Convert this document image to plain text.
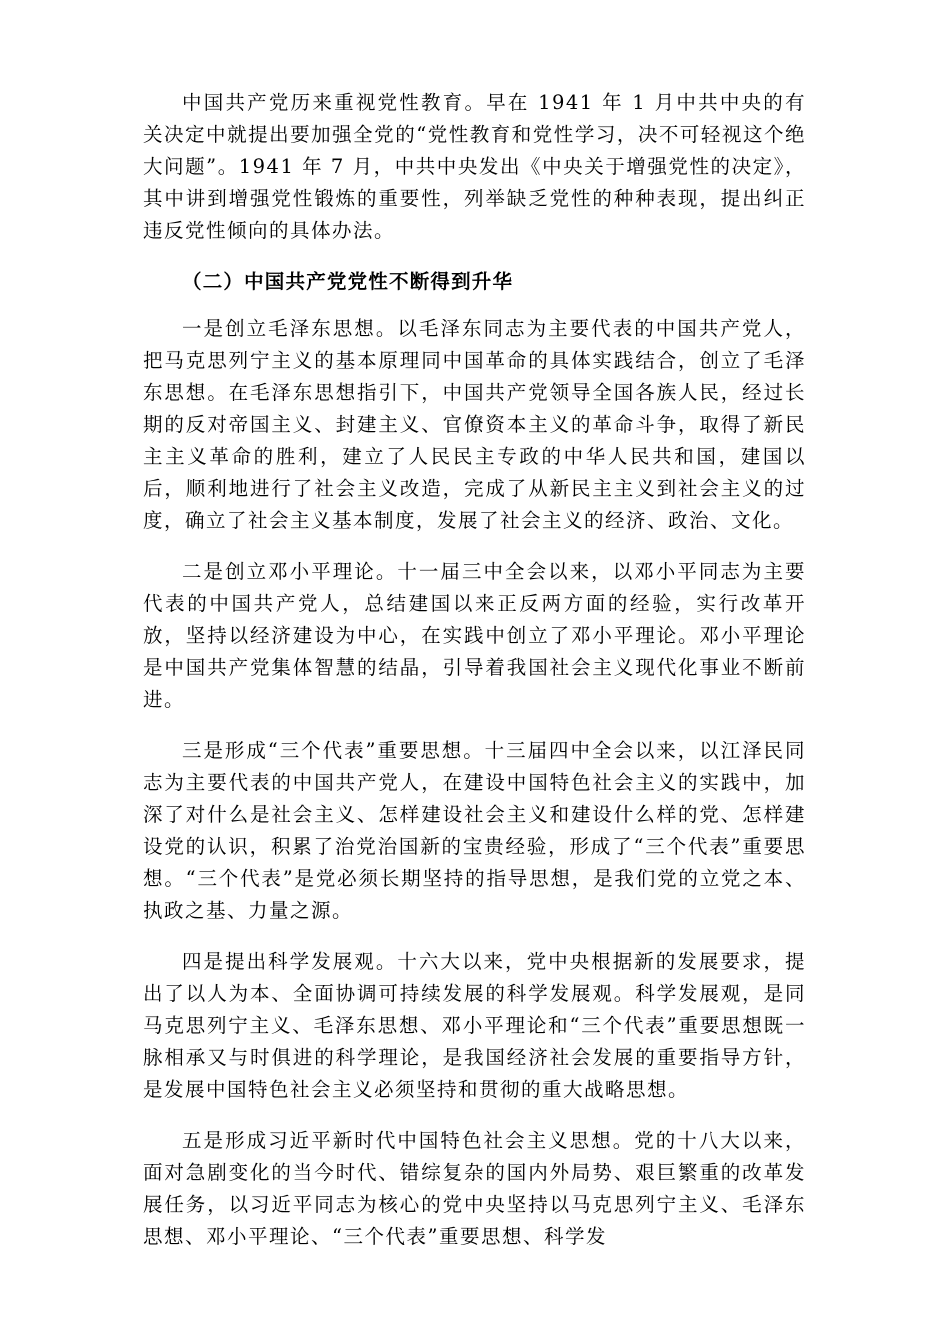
中国共产党历来重视党性教育。早在 1941 年 1 月中共中央的有关决定中就提出要加强全党的“党性教育和党性学习，决不可轻视这个绝大问题”。1941 年 7 月，中共中央发出《中央关于增强党性的决定》，其中讲到增强党性锻炼的重要性，列举缺乏党性的种种表现，提出纠正违反党性倾向的具体办法。

（二）中国共产党党性不断得到升华

一是创立毛泽东思想。以毛泽东同志为主要代表的中国共产党人，把马克思列宁主义的基本原理同中国革命的具体实践结合，创立了毛泽东思想。在毛泽东思想指引下，中国共产党领导全国各族人民，经过长期的反对帝国主义、封建主义、官僚资本主义的革命斗争，取得了新民主主义革命的胜利，建立了人民民主专政的中华人民共和国，建国以后，顺利地进行了社会主义改造，完成了从新民主主义到社会主义的过度，确立了社会主义基本制度，发展了社会主义的经济、政治、文化。

二是创立邓小平理论。十一届三中全会以来，以邓小平同志为主要代表的中国共产党人，总结建国以来正反两方面的经验，实行改革开放，坚持以经济建设为中心，在实践中创立了邓小平理论。邓小平理论是中国共产党集体智慧的结晶，引导着我国社会主义现代化事业不断前进。

三是形成“三个代表”重要思想。十三届四中全会以来，以江泽民同志为主要代表的中国共产党人，在建设中国特色社会主义的实践中，加深了对什么是社会主义、怎样建设社会主义和建设什么样的党、怎样建设党的认识，积累了治党治国新的宝贵经验，形成了“三个代表”重要思想。“三个代表”是党必须长期坚持的指导思想，是我们党的立党之本、执政之基、力量之源。

四是提出科学发展观。十六大以来，党中央根据新的发展要求，提出了以人为本、全面协调可持续发展的科学发展观。科学发展观，是同马克思列宁主义、毛泽东思想、邓小平理论和“三个代表”重要思想既一脉相承又与时俱进的科学理论，是我国经济社会发展的重要指导方针，是发展中国特色社会主义必须坚持和贯彻的重大战略思想。

五是形成习近平新时代中国特色社会主义思想。党的十八大以来，面对急剧变化的当今时代、错综复杂的国内外局势、艰巨繁重的改革发展任务，以习近平同志为核心的党中央坚持以马克思列宁主义、毛泽东思想、邓小平理论、“三个代表”重要思想、科学发
